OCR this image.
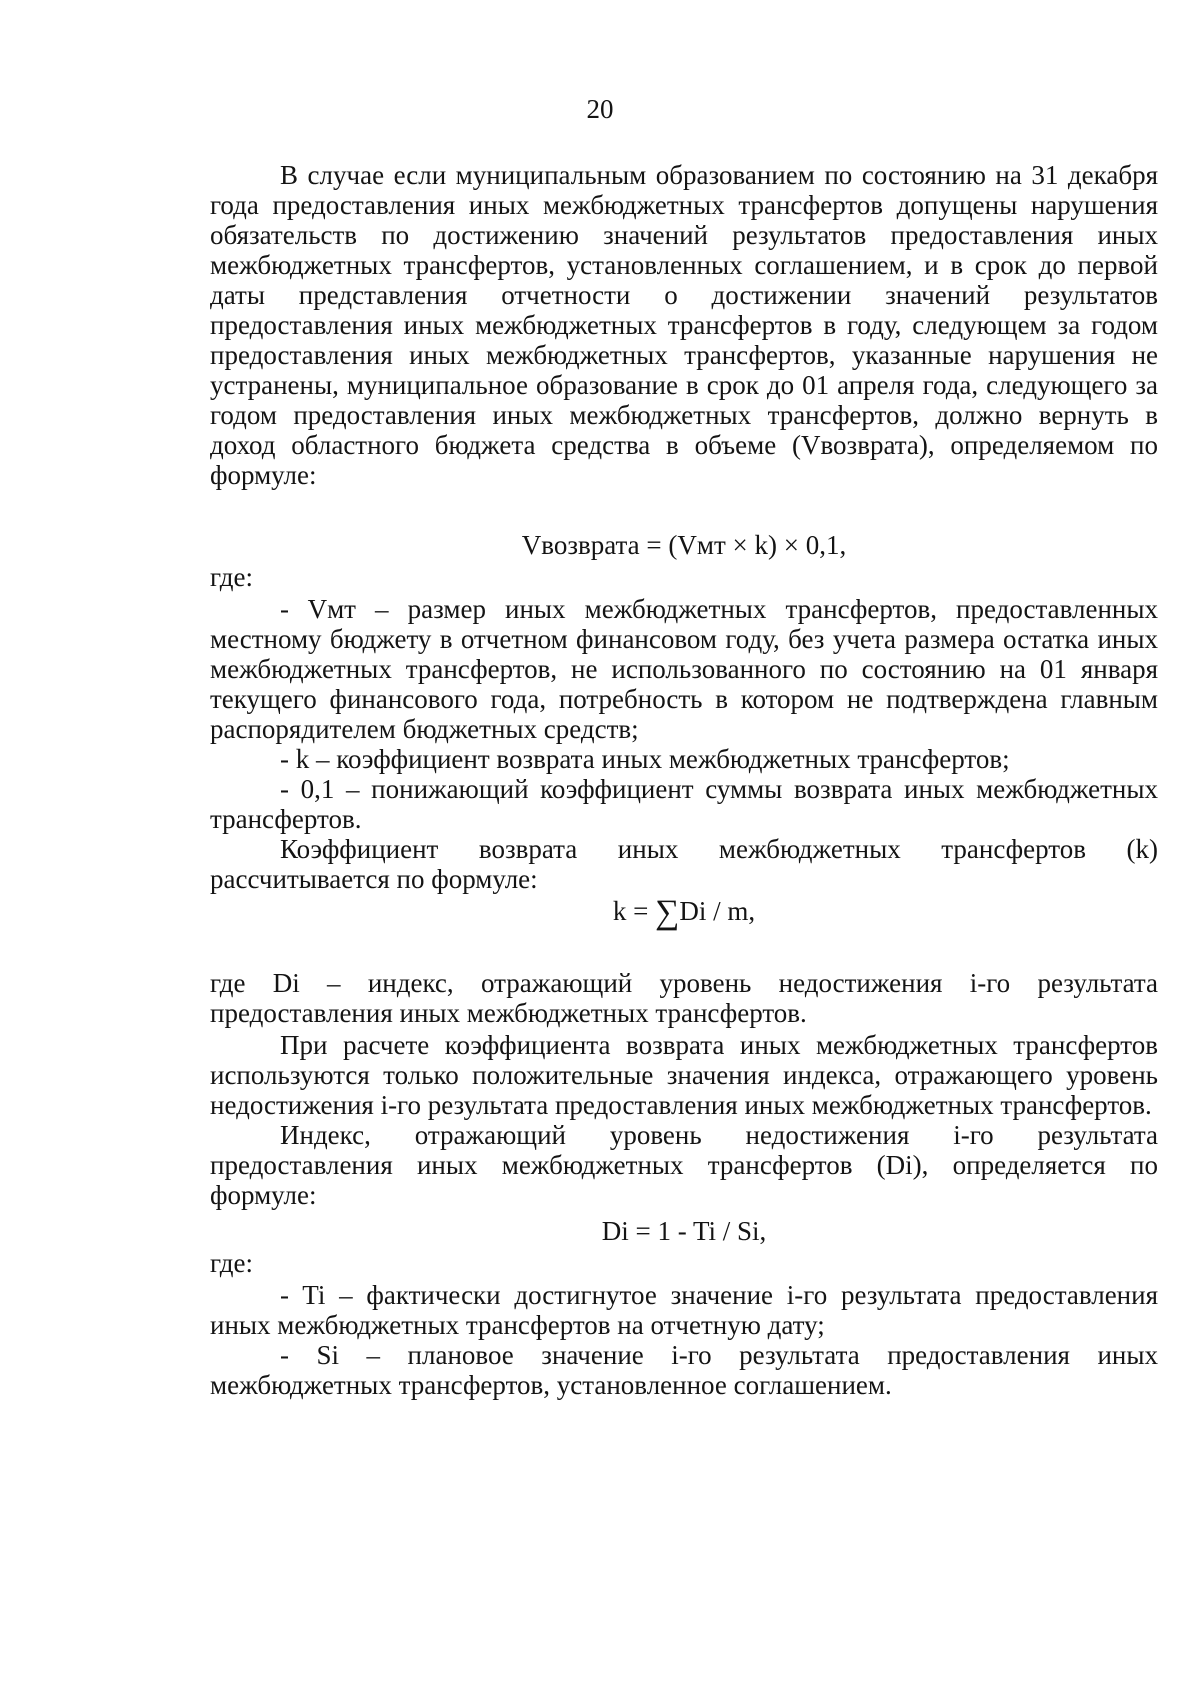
20

В случае если муниципальным образованием по состоянию на 31 декабря года предоставления иных межбюджетных трансфертов допущены нарушения обязательств по достижению значений результатов предоставления иных межбюджетных трансфертов, установленных соглашением, и в срок до первой даты представления отчетности о достижении значений результатов предоставления иных межбюджетных трансфертов в году, следующем за годом предоставления иных межбюджетных трансфертов, указанные нарушения не устранены, муниципальное образование в срок до 01 апреля года, следующего за годом предоставления иных межбюджетных трансфертов, должно вернуть в доход областного бюджета средства в объеме (Vвозврата), определяемом по формуле:

Vвозврата = (Vмт × k) × 0,1,

где:

- Vмт – размер иных межбюджетных трансфертов, предоставленных местному бюджету в отчетном финансовом году, без учета размера остатка иных межбюджетных трансфертов, не использованного по состоянию на 01 января текущего финансового года, потребность в котором не подтверждена главным распорядителем бюджетных средств;

- k – коэффициент возврата иных межбюджетных трансфертов;

- 0,1 – понижающий коэффициент суммы возврата иных межбюджетных трансфертов.

Коэффициент возврата иных межбюджетных трансфертов (k) рассчитывается по формуле:

k = ∑Di / m,

где Di – индекс, отражающий уровень недостижения i-го результата предоставления иных межбюджетных трансфертов.

При расчете коэффициента возврата иных межбюджетных трансфертов используются только положительные значения индекса, отражающего уровень недостижения i-го результата предоставления иных межбюджетных трансфертов.

Индекс, отражающий уровень недостижения i-го результата предоставления иных межбюджетных трансфертов (Di), определяется по формуле:

Di = 1 - Ti / Si,

где:

- Ti – фактически достигнутое значение i-го результата предоставления иных межбюджетных трансфертов на отчетную дату;

- Si – плановое значение i-го результата предоставления иных межбюджетных трансфертов, установленное соглашением.
